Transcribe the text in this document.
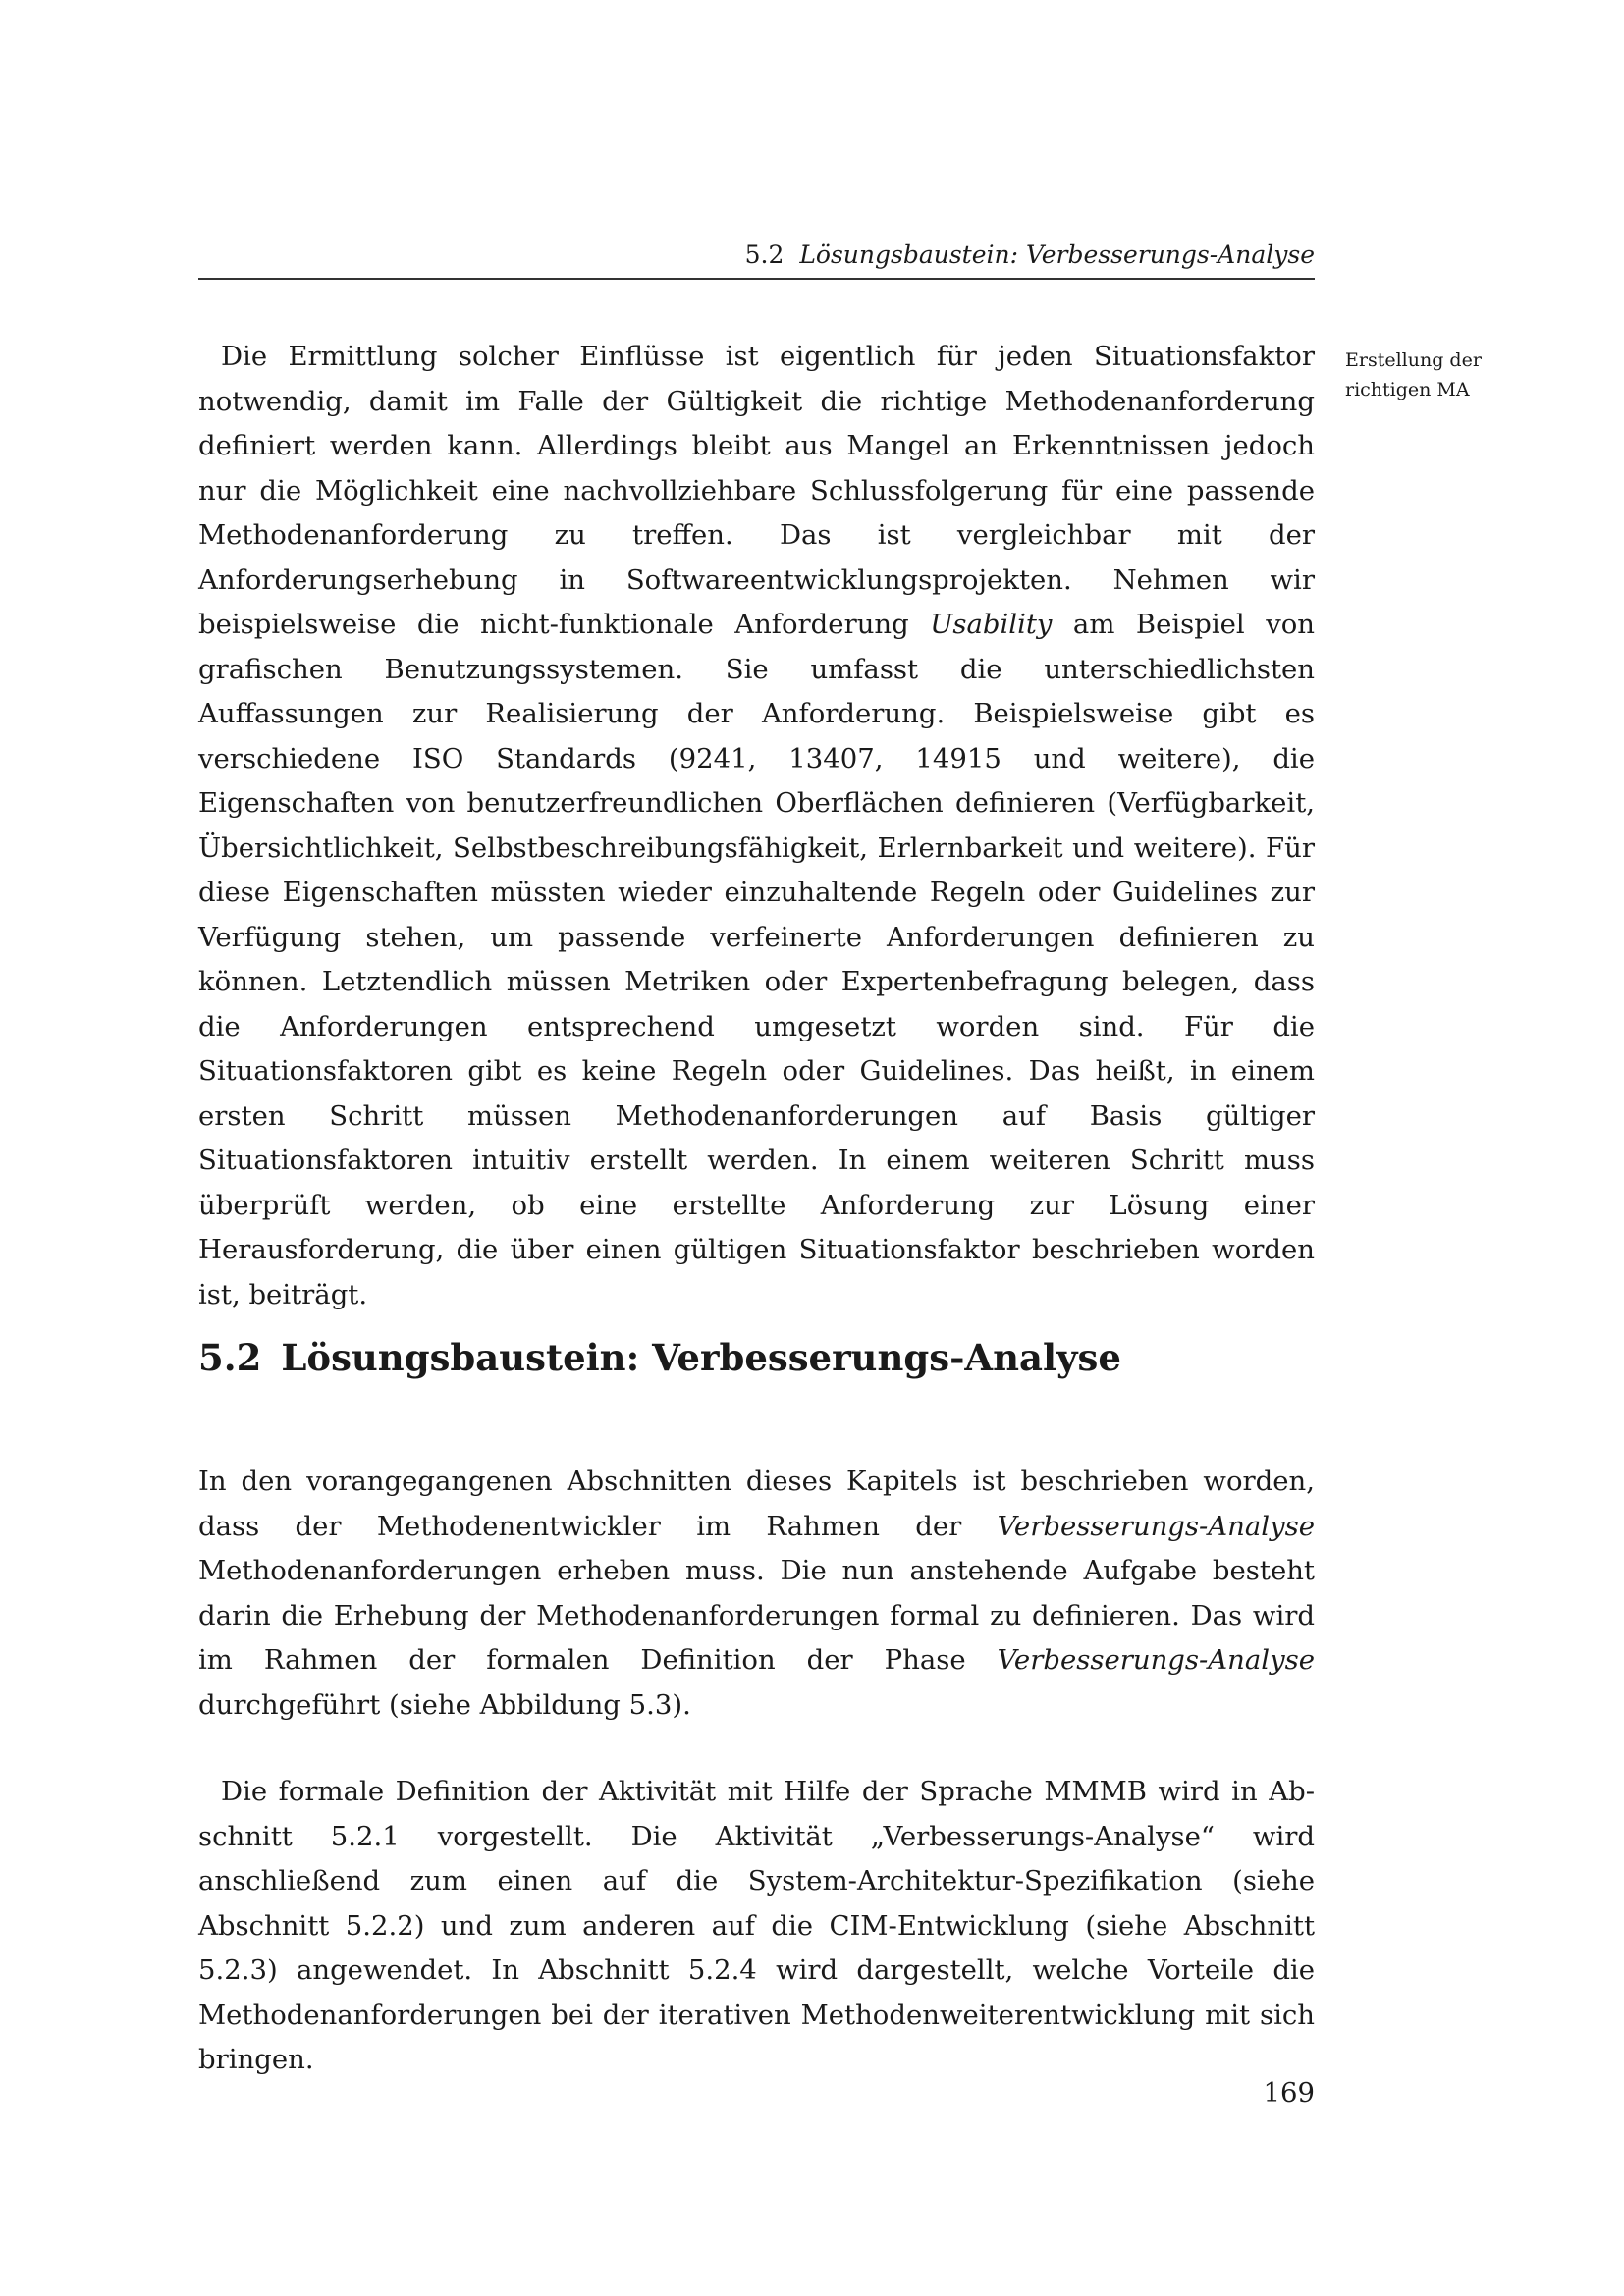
5.2 Lösungsbaustein: Verbesserungs-Analyse
Erstellung der
richtigen MA

Die Ermittlung solcher Einflüsse ist eigentlich für jeden Situationsfaktor notwendig, damit im Falle der Gültigkeit die richtige Methodenanforderung definiert werden kann. Allerdings bleibt aus Mangel an Erkenntnissen jedoch nur die Möglichkeit eine nachvollziehbare Schlussfolgerung für eine passende Methodenanforderung zu treffen. Das ist vergleichbar mit der Anforderungserhebung in Softwareentwicklungsprojekten. Nehmen wir beispielsweise die nicht-funktionale Anforderung Usability am Beispiel von grafischen Benutzungssystemen. Sie umfasst die unterschiedlichsten Auffassungen zur Realisierung der Anforderung. Beispielsweise gibt es verschiedene ISO Standards (9241, 13407, 14915 und weitere), die Eigenschaften von benutzerfreundlichen Oberflächen definieren (Verfügbarkeit, Übersichtlichkeit, Selbstbeschreibungsfähigkeit, Erlernbarkeit und weitere). Für diese Eigenschaften müssten wieder einzuhaltende Regeln oder Guidelines zur Verfügung stehen, um passende verfeinerte Anforderungen definieren zu können. Letztendlich müssen Metriken oder Expertenbefragung belegen, dass die Anforderungen entsprechend umgesetzt worden sind. Für die Situationsfaktoren gibt es keine Regeln oder Guidelines. Das heißt, in einem ersten Schritt müssen Methodenanforderungen auf Basis gültiger Situationsfaktoren intuitiv erstellt werden. In einem weiteren Schritt muss überprüft werden, ob eine erstellte Anforderung zur Lösung einer Herausforderung, die über einen gültigen Situationsfaktor beschrieben worden ist, beiträgt.

5.2 Lösungsbaustein: Verbesserungs-Analyse

In den vorangegangenen Abschnitten dieses Kapitels ist beschrieben worden, dass der Methodenentwickler im Rahmen der Verbesserungs-Analyse Methodenanforderungen erheben muss. Die nun anstehende Aufgabe besteht darin die Erhebung der Methodenanforderungen formal zu definieren. Das wird im Rahmen der formalen Definition der Phase Verbesserungs-Analyse durchgeführt (siehe Abbildung 5.3).

Die formale Definition der Aktivität mit Hilfe der Sprache MMMB wird in Abschnitt 5.2.1 vorgestellt. Die Aktivität „Verbesserungs-Analyse“ wird anschließend zum einen auf die System-Architektur-Spezifikation (siehe Abschnitt 5.2.2) und zum anderen auf die CIM-Entwicklung (siehe Abschnitt 5.2.3) angewendet. In Abschnitt 5.2.4 wird dargestellt, welche Vorteile die Methodenanforderungen bei der iterativen Methodenweiterentwicklung mit sich bringen.

169
